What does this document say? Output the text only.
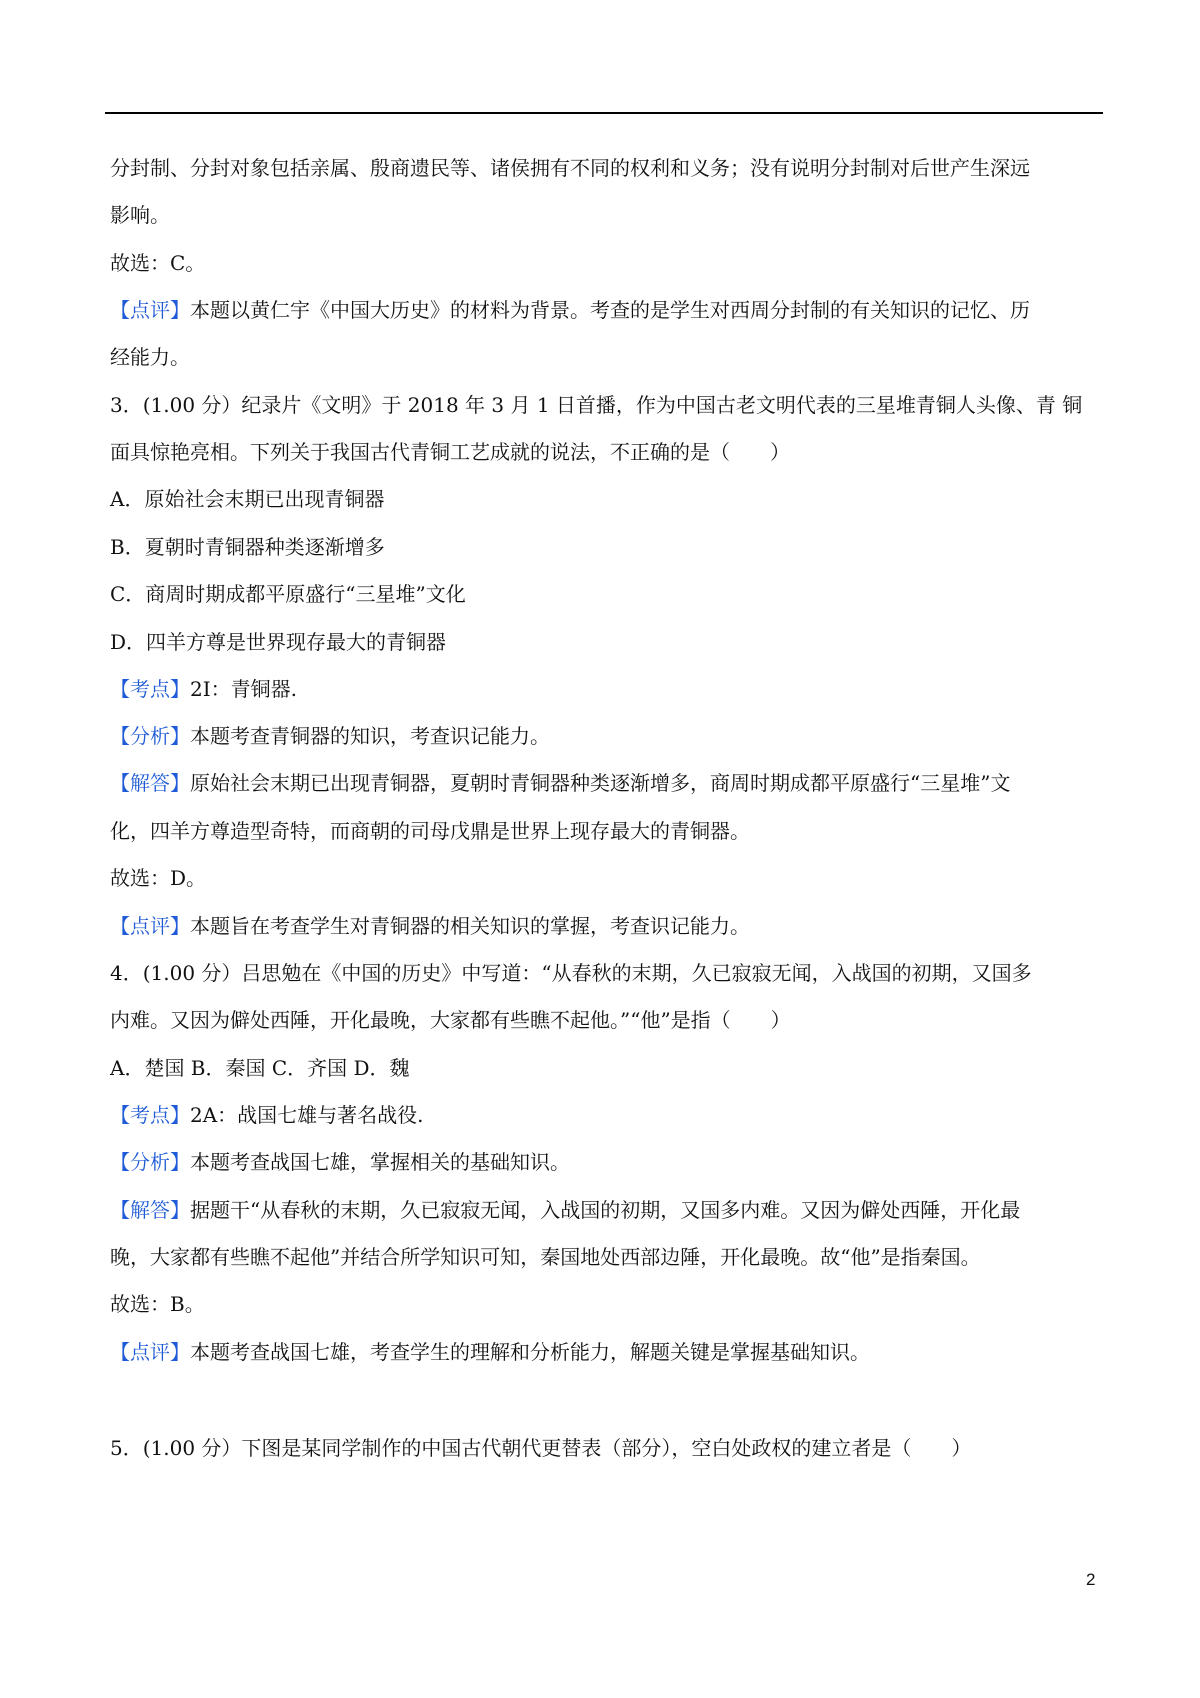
分封制、分封对象包括亲属、殷商遗民等、诸侯拥有不同的权利和义务；没有说明分封制对后世产生深远
影响。
故选：C。
【点评】本题以黄仁宇《中国大历史》的材料为背景。考查的是学生对西周分封制的有关知识的记忆、历
经能力。
3．(1.00 分）纪录片《文明》于 2018 年 3 月 1 日首播，作为中国古老文明代表的三星堆青铜人头像、青 铜
面具惊艳亮相。下列关于我国古代青铜工艺成就的说法，不正确的是（　　）
A．原始社会末期已出现青铜器
B．夏朝时青铜器种类逐渐增多
C．商周时期成都平原盛行“三星堆”文化
D．四羊方尊是世界现存最大的青铜器
【考点】2I：青铜器.
【分析】本题考查青铜器的知识，考查识记能力。
【解答】原始社会末期已出现青铜器，夏朝时青铜器种类逐渐增多，商周时期成都平原盛行“三星堆”文
化，四羊方尊造型奇特，而商朝的司母戊鼎是世界上现存最大的青铜器。
故选：D。
【点评】本题旨在考查学生对青铜器的相关知识的掌握，考查识记能力。
4．(1.00 分）吕思勉在《中国的历史》中写道：“从春秋的末期，久已寂寂无闻，入战国的初期，又国多
内难。又因为僻处西陲，开化最晚，大家都有些瞧不起他。”“他”是指（　　）
A．楚国 B．秦国 C．齐国 D．魏
【考点】2A：战国七雄与著名战役.
【分析】本题考查战国七雄，掌握相关的基础知识。
【解答】据题干“从春秋的末期，久已寂寂无闻，入战国的初期，又国多内难。又因为僻处西陲，开化最
晚，大家都有些瞧不起他”并结合所学知识可知，秦国地处西部边陲，开化最晚。故“他”是指秦国。
故选：B。
【点评】本题考查战国七雄，考查学生的理解和分析能力，解题关键是掌握基础知识。
5．(1.00 分）下图是某同学制作的中国古代朝代更替表（部分），空白处政权的建立者是（　　）
2
